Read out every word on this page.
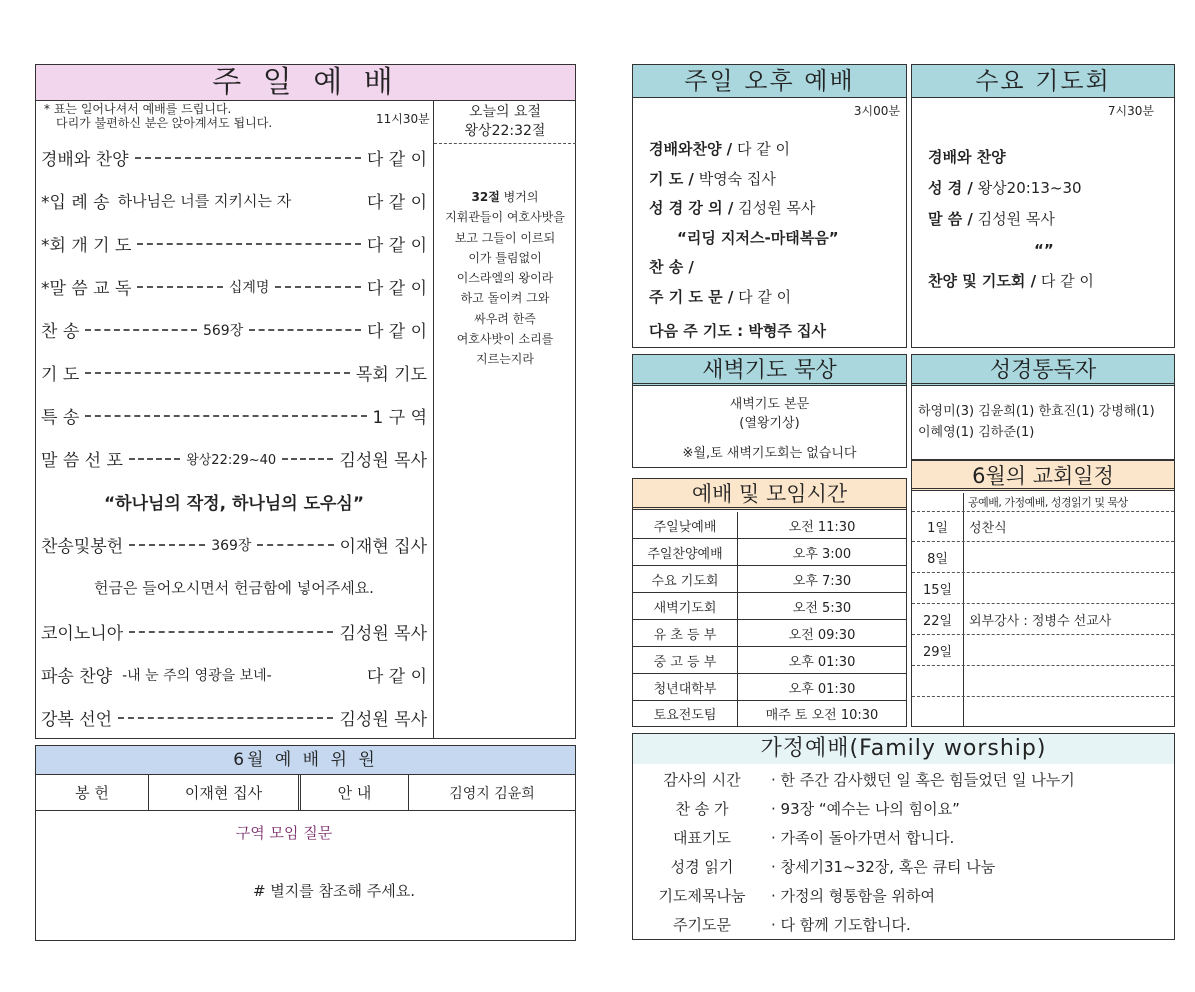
주 일 예 배
* 표는 일어나셔서 예배를 드립니다.
다리가 불편하신 분은 앉아계셔도 됩니다.	11시30분	오늘의 요절
왕상22:32절
32절 병거의
지휘관들이 여호사밧을
보고 그들이 이르되
이가 틀림없이
이스라엘의 왕이라
하고 돌이켜 그와
싸우려 한즉
여호사밧이 소리를
지르는지라
경배와 찬양	다 같 이
*입 례 송 하나님은 너를 지키시는 자	다 같 이
*회 개 기 도	다 같 이
*말 씀 교 독	십계명	다 같 이
찬 송	569장	다 같 이
기 도	목회 기도
특 송	1 구 역
말 씀 선 포	왕상22:29~40	김성원 목사
“하나님의 작정, 하나님의 도우심”
찬송및봉헌	369장	이재현 집사
헌금은 들어오시면서 헌금함에 넣어주세요.
코이노니아	김성원 목사
파송 찬양 -내 눈 주의 영광을 보네-	다 같 이
강복 선언	김성원 목사
6월 예 배 위 원
봉 헌	이재현 집사	안 내	김영지 김윤희
구역 모임 질문
# 별지를 참조해 주세요.
주일 오후 예배
3시00분
경배와찬양 / 다 같 이
기 도 / 박영숙 집사
성 경 강 의 / 김성원 목사
“리딩 지저스-마태복음”
찬 송 /
주 기 도 문 / 다 같 이
다음 주 기도 : 박형주 집사
수요 기도회
7시30분
경배와 찬양
성 경 / 왕상20:13~30
말 씀 / 김성원 목사
“”
찬양 및 기도회 / 다 같 이
새벽기도 묵상
새벽기도 본문
(열왕기상)
※월,토 새벽기도회는 없습니다
성경통독자
하영미(3) 김윤희(1) 한효진(1) 강병해(1)
이혜영(1) 김하준(1)
예배 및 모임시간
주일낮예배	오전 11:30
주일찬양예배	오후 3:00
수요 기도회	오후 7:30
새벽기도회	오전 5:30
유 초 등 부	오전 09:30
중 고 등 부	오후 01:30
청년대학부	오후 01:30
토요전도팀	매주 토 오전 10:30
6월의 교회일정
공예배, 가정예배, 성경읽기 및 묵상
1일	성찬식
8일
15일
22일	외부강사 : 정병수 선교사
29일
가정예배(Family worship)
감사의 시간	· 한 주간 감사했던 일 혹은 힘들었던 일 나누기
찬 송 가	· 93장 “예수는 나의 힘이요”
대표기도	· 가족이 돌아가면서 합니다.
성경 읽기	· 창세기31~32장, 혹은 큐티 나눔
기도제목나눔	· 가정의 형통함을 위하여
주기도문	· 다 함께 기도합니다.
